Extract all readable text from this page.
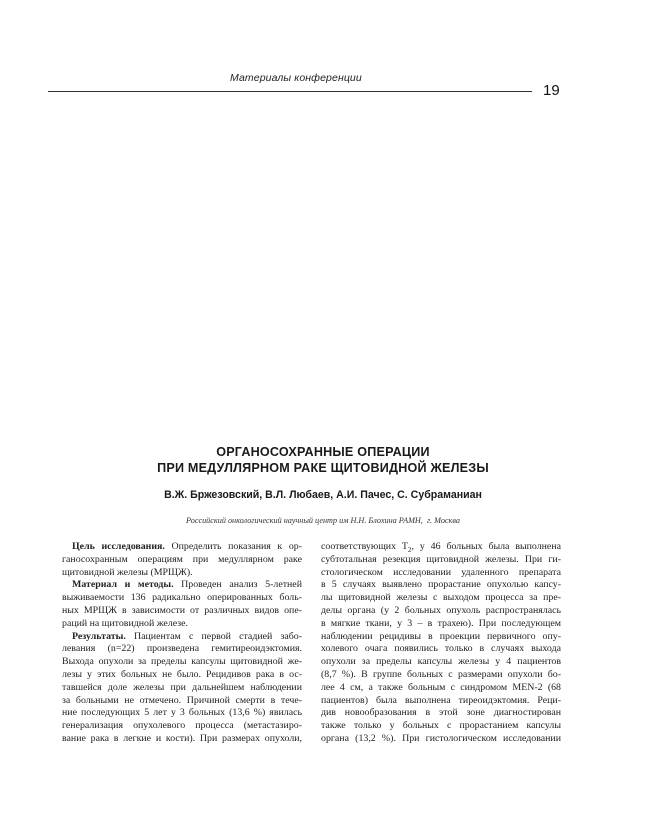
Материалы конференции
19
ОРГАНОСОХРАННЫЕ ОПЕРАЦИИ
ПРИ МЕДУЛЛЯРНОМ РАКЕ ЩИТОВИДНОЙ ЖЕЛЕЗЫ
В.Ж. Бржезовский, В.Л. Любаев, А.И. Пачес, С. Субраманиан
Российский онкологический научный центр им Н.Н. Блохина РАМН,  г. Москва

Цель исследования. Определить показания к ор-
ганосохранным операциям при медуллярном раке
щитовидной железы (МРЩЖ).

Материал и методы. Проведен анализ 5-летней
выживаемости 136 радикально оперированных боль-
ных МРЩЖ в зависимости от различных видов опе-
раций на щитовидной железе.

Результаты. Пациентам с первой стадией забо-
левания (n=22) произведена гемитиреоидэктомия.
Выхода опухоли за пределы капсулы щитовидной же-
лезы у этих больных не было. Рецидивов рака в ос-
тавшейся доле железы при дальнейшем наблюдении
за больными не отмечено. Причиной смерти в тече-
ние последующих 5 лет у 3 больных (13,6 %) явилась
генерализация опухолевого процесса (метастазиро-
вание рака в легкие и кости). При размерах опухоли,

соответствующих $T_2$, у 46 больных была выполнена
субтотальная резекция щитовидной железы. При ги-
стологическом исследовании удаленного препарата
в 5 случаях выявлено прорастание опухолью капсу-
лы щитовидной железы с выходом процесса за пре-
делы органа (у 2 больных опухоль распространялась
в мягкие ткани, у 3 – в трахею). При последующем
наблюдении рецидивы в проекции первичного опу-
холевого очага появились только в случаях выхода
опухоли за пределы капсулы железы у 4 пациентов
(8,7 %). В группе больных с размерами опухоли бо-
лее 4 см, а также больным с синдромом MEN-2 (68
пациентов) была выполнена тиреоидэктомия. Реци-
див новообразования в этой зоне диагностирован
также только у больных с прорастанием капсулы
органа (13,2 %). При гистологическом исследовании
